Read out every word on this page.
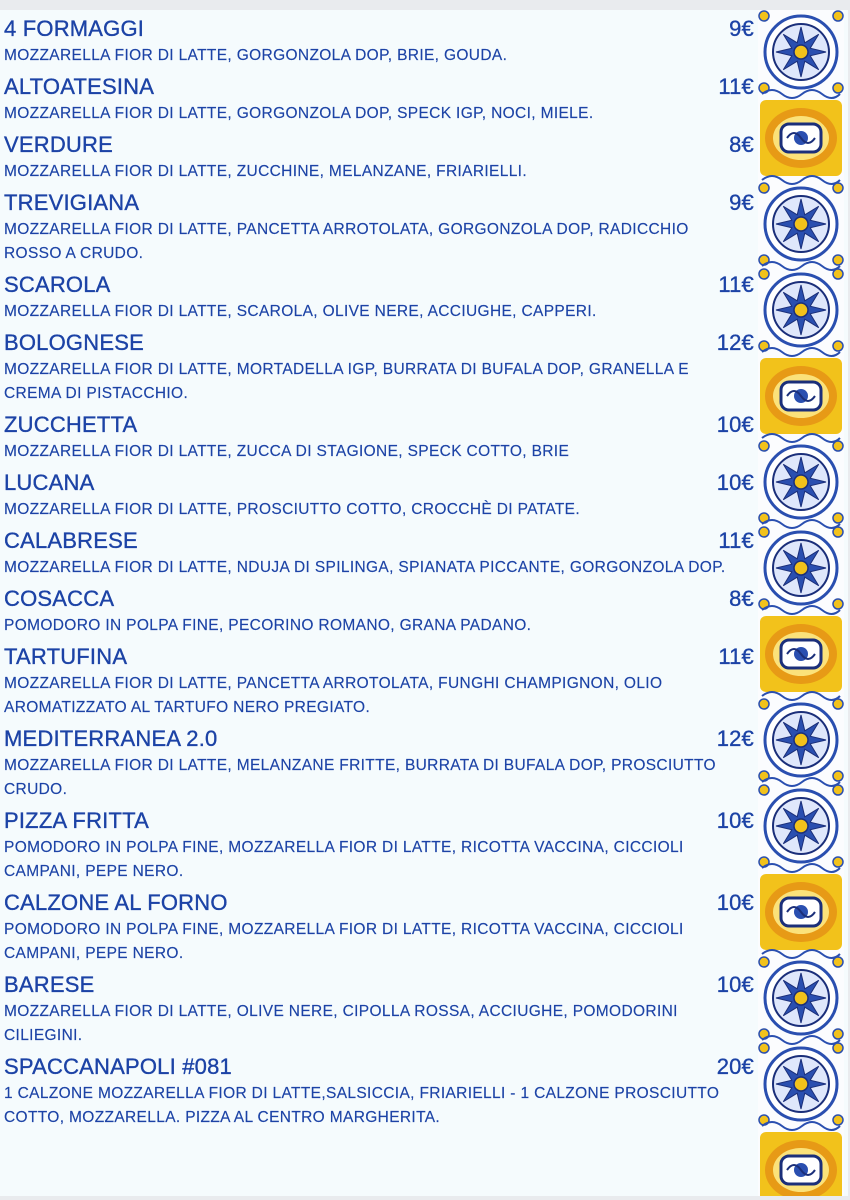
4 FORMAGGI	9€
MOZZARELLA FIOR DI LATTE, GORGONZOLA DOP, BRIE, GOUDA.
ALTOATESINA	11€
MOZZARELLA FIOR DI LATTE, GORGONZOLA DOP, SPECK IGP, NOCI, MIELE.
VERDURE	8€
MOZZARELLA FIOR DI LATTE, ZUCCHINE, MELANZANE, FRIARIELLI.
TREVIGIANA	9€
MOZZARELLA FIOR DI LATTE, PANCETTA ARROTOLATA, GORGONZOLA DOP, RADICCHIO ROSSO A CRUDO.
SCAROLA	11€
MOZZARELLA FIOR DI LATTE, SCAROLA, OLIVE NERE, ACCIUGHE, CAPPERI.
BOLOGNESE	12€
MOZZARELLA FIOR DI LATTE, MORTADELLA IGP, BURRATA DI BUFALA DOP, GRANELLA E CREMA DI PISTACCHIO.
ZUCCHETTA	10€
MOZZARELLA FIOR DI LATTE, ZUCCA DI STAGIONE, SPECK COTTO, BRIE
LUCANA	10€
MOZZARELLA FIOR DI LATTE, PROSCIUTTO COTTO, CROCCHÈ DI PATATE.
CALABRESE	11€
MOZZARELLA FIOR DI LATTE, NDUJA DI SPILINGA, SPIANATA PICCANTE, GORGONZOLA DOP.
COSACCA	8€
POMODORO IN POLPA FINE, PECORINO ROMANO, GRANA PADANO.
TARTUFINA	11€
MOZZARELLA FIOR DI LATTE, PANCETTA ARROTOLATA, FUNGHI CHAMPIGNON, OLIO AROMATIZZATO AL TARTUFO NERO PREGIATO.
MEDITERRANEA 2.0	12€
MOZZARELLA FIOR DI LATTE, MELANZANE FRITTE, BURRATA DI BUFALA DOP, PROSCIUTTO CRUDO.
PIZZA FRITTA	10€
POMODORO IN POLPA FINE, MOZZARELLA FIOR DI LATTE, RICOTTA VACCINA, CICCIOLI CAMPANI, PEPE NERO.
CALZONE AL FORNO	10€
POMODORO IN POLPA FINE, MOZZARELLA FIOR DI LATTE, RICOTTA VACCINA, CICCIOLI CAMPANI, PEPE NERO.
BARESE	10€
MOZZARELLA FIOR DI LATTE, OLIVE NERE, CIPOLLA ROSSA, ACCIUGHE, POMODORINI CILIEGINI.
SPACCANAPOLI #081	20€
1 CALZONE MOZZARELLA FIOR DI LATTE,SALSICCIA, FRIARIELLI - 1 CALZONE PROSCIUTTO COTTO, MOZZARELLA. PIZZA AL CENTRO MARGHERITA.
